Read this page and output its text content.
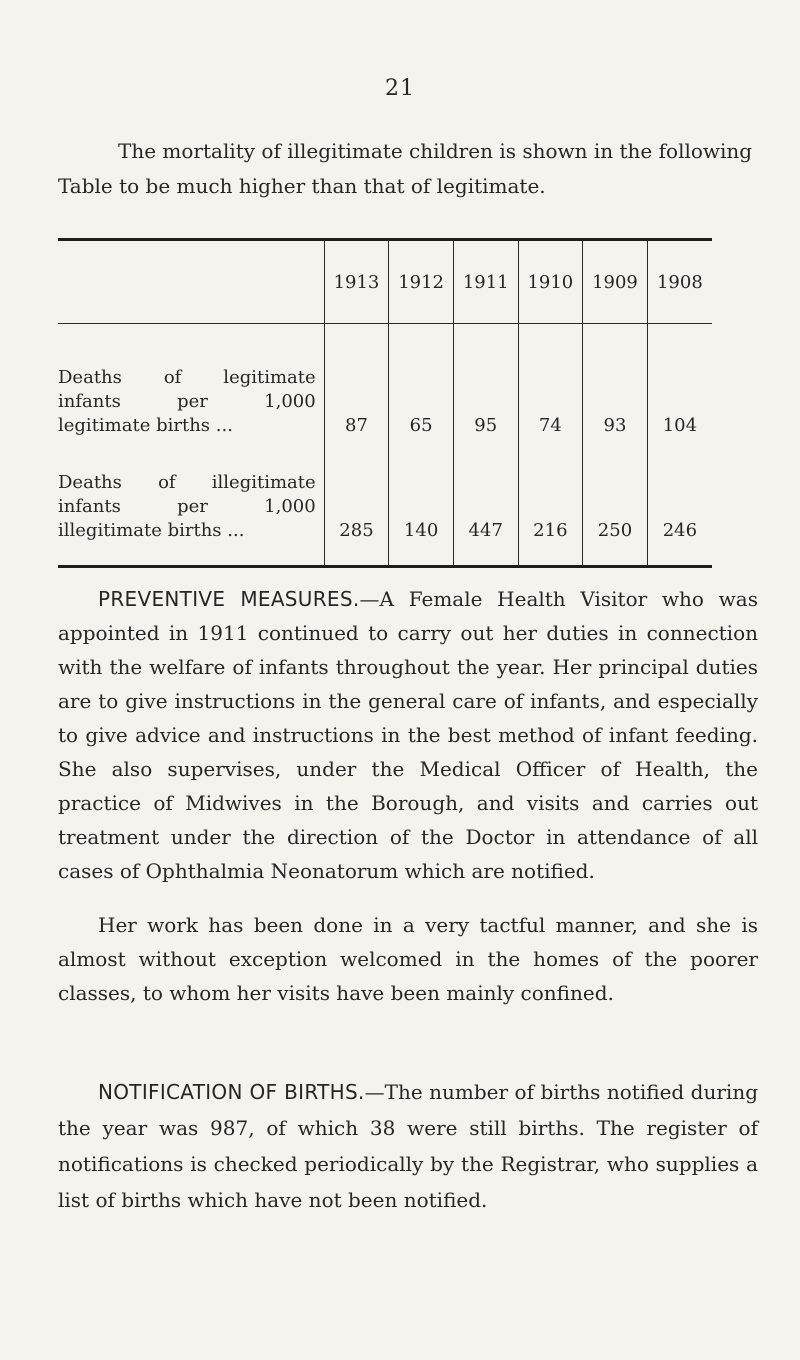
21

The mortality of illegitimate children is shown in the following Table to be much higher than that of legitimate.

	1913	1912	1911	1910	1909	1908

Deaths of legitimate
infants per 1,000
legitimate births ...	87	65	95	74	93	104

Deaths of illegitimate
infants per 1,000
illegitimate births ...	285	140	447	216	250	246

PREVENTIVE MEASURES.—A Female Health Visitor who was appointed in 1911 continued to carry out her duties in connection with the welfare of infants throughout the year. Her principal duties are to give instructions in the general care of infants, and especially to give advice and instructions in the best method of infant feeding. She also supervises, under the Medical Officer of Health, the practice of Midwives in the Borough, and visits and carries out treatment under the direction of the Doctor in attendance of all cases of Ophthalmia Neonatorum which are notified.

Her work has been done in a very tactful manner, and she is almost without exception welcomed in the homes of the poorer classes, to whom her visits have been mainly confined.

NOTIFICATION OF BIRTHS.—The number of births notified during the year was 987, of which 38 were still births. The register of notifications is checked periodically by the Registrar, who supplies a list of births which have not been notified.
